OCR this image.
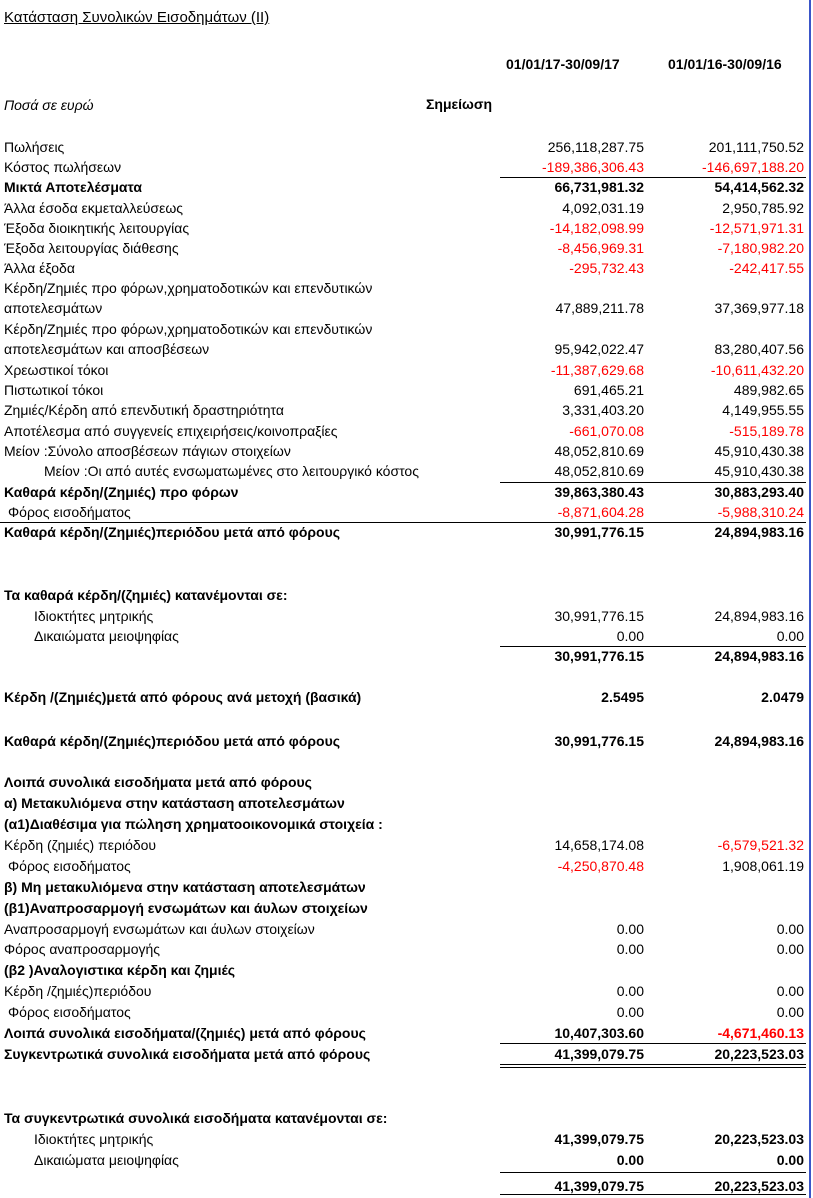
Κατάσταση Συνολικών Εισοδημάτων (II)
01/01/17-30/09/17	01/01/16-30/09/16
Ποσά σε ευρώ	Σημείωση
Πωλήσεις	256,118,287.75	201,111,750.52
Κόστος πωλήσεων	-189,386,306.43	-146,697,188.20
Μικτά Αποτελέσματα	66,731,981.32	54,414,562.32
Άλλα έσοδα εκμεταλλεύσεως	4,092,031.19	2,950,785.92
Έξοδα διοικητικής λειτουργίας	-14,182,098.99	-12,571,971.31
Έξοδα λειτουργίας διάθεσης	-8,456,969.31	-7,180,982.20
Άλλα έξοδα	-295,732.43	-242,417.55
Κέρδη/Ζημιές προ φόρων,χρηματοδοτικών και επενδυτικών
αποτελεσμάτων	47,889,211.78	37,369,977.18
Κέρδη/Ζημιές προ φόρων,χρηματοδοτικών και επενδυτικών
αποτελεσμάτων και αποσβέσεων	95,942,022.47	83,280,407.56
Χρεωστικοί τόκοι	-11,387,629.68	-10,611,432.20
Πιστωτικοί τόκοι	691,465.21	489,982.65
Ζημιές/Κέρδη από επενδυτική δραστηριότητα	3,331,403.20	4,149,955.55
Αποτέλεσμα από συγγενείς επιχειρήσεις/κοινοπραξίες	-661,070.08	-515,189.78
Μείον :Σύνολο αποσβέσεων πάγιων στοιχείων	48,052,810.69	45,910,430.38
Μείον :Οι από αυτές ενσωματωμένες στο λειτουργικό κόστος	48,052,810.69	45,910,430.38
Καθαρά κέρδη/(Ζημιές) προ φόρων	39,863,380.43	30,883,293.40
Φόρος εισοδήματος	-8,871,604.28	-5,988,310.24
Καθαρά κέρδη/(Ζημιές)περιόδου μετά από φόρους	30,991,776.15	24,894,983.16
Τα καθαρά κέρδη/(ζημιές) κατανέμονται σε:
Ιδιοκτήτες μητρικής	30,991,776.15	24,894,983.16
Δικαιώματα μειοψηφίας	0.00	0.00
30,991,776.15	24,894,983.16
Κέρδη /(Ζημιές)μετά από φόρους ανά μετοχή (βασικά)	2.5495	2.0479
Καθαρά κέρδη/(Ζημιές)περιόδου μετά από φόρους	30,991,776.15	24,894,983.16
Λοιπά συνολικά εισοδήματα μετά από φόρους
α) Μετακυλιόμενα στην κατάσταση αποτελεσμάτων
(α1)Διαθέσιμα για πώληση χρηματοοικονομικά στοιχεία :
Κέρδη (ζημιές) περιόδου	14,658,174.08	-6,579,521.32
Φόρος εισοδήματος	-4,250,870.48	1,908,061.19
β) Μη μετακυλιόμενα στην κατάσταση αποτελεσμάτων
(β1)Αναπροσαρμογή ενσωμάτων και άυλων στοιχείων
Αναπροσαρμογή ενσωμάτων και άυλων στοιχείων	0.00	0.00
Φόρος αναπροσαρμογής	0.00	0.00
(β2 )Αναλογιστικα κέρδη και ζημιές
Κέρδη /ζημιές)περιόδου	0.00	0.00
Φόρος εισοδήματος	0.00	0.00
Λοιπά συνολικά εισοδήματα/(ζημιές) μετά από φόρους	10,407,303.60	-4,671,460.13
Συγκεντρωτικά συνολικά εισοδήματα μετά από φόρους	41,399,079.75	20,223,523.03
Τα συγκεντρωτικά συνολικά εισοδήματα κατανέμονται σε:
Ιδιοκτήτες μητρικής	41,399,079.75	20,223,523.03
Δικαιώματα μειοψηφίας	0.00	0.00
41,399,079.75	20,223,523.03
